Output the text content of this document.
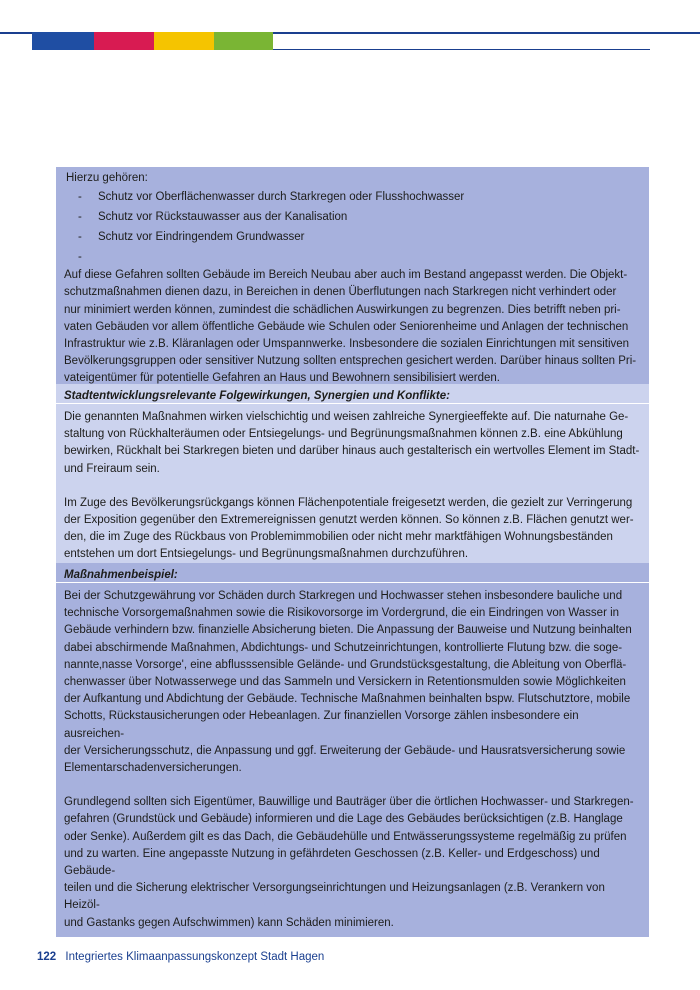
Hierzu gehören:
- Schutz vor Oberflächenwasser durch Starkregen oder Flusshochwasser
- Schutz vor Rückstauwasser aus der Kanalisation
- Schutz vor Eindringendem Grundwasser
-
Auf diese Gefahren sollten Gebäude im Bereich Neubau aber auch im Bestand angepasst werden. Die Objekt-
schutzmaßnahmen dienen dazu, in Bereichen in denen Überflutungen nach Starkregen nicht verhindert oder
nur minimiert werden können, zumindest die schädlichen Auswirkungen zu begrenzen. Dies betrifft neben pri-
vaten Gebäuden vor allem öffentliche Gebäude wie Schulen oder Seniorenheime und Anlagen der technischen
Infrastruktur wie z.B. Kläranlagen oder Umspannwerke. Insbesondere die sozialen Einrichtungen mit sensitiven
Bevölkerungsgruppen oder sensitiver Nutzung sollten entsprechen gesichert werden. Darüber hinaus sollten Pri-
vateigentümer für potentielle Gefahren an Haus und Bewohnern sensibilisiert werden.
Stadtentwicklungsrelevante Folgewirkungen, Synergien und Konflikte:
Die genannten Maßnahmen wirken vielschichtig und weisen zahlreiche Synergieeffekte auf. Die naturnahe Ge-
staltung von Rückhalteräumen oder Entsiegelungs- und Begrünungsmaßnahmen können z.B. eine Abkühlung
bewirken, Rückhalt bei Starkregen bieten und darüber hinaus auch gestalterisch ein wertvolles Element im Stadt-
und Freiraum sein.
Im Zuge des Bevölkerungsrückgangs können Flächenpotentiale freigesetzt werden, die gezielt zur Verringerung
der Exposition gegenüber den Extremereignissen genutzt werden können. So können z.B. Flächen genutzt wer-
den, die im Zuge des Rückbaus von Problemimmobilien oder nicht mehr marktfähigen Wohnungsbeständen
entstehen um dort Entsiegelungs- und Begrünungsmaßnahmen durchzuführen.
Maßnahmenbeispiel:
Bei der Schutzgewährung vor Schäden durch Starkregen und Hochwasser stehen insbesondere bauliche und
technische Vorsorgemaßnahmen sowie die Risikovorsorge im Vordergrund, die ein Eindringen von Wasser in
Gebäude verhindern bzw. finanzielle Absicherung bieten. Die Anpassung der Bauweise und Nutzung beinhalten
dabei abschirmende Maßnahmen, Abdichtungs- und Schutzeinrichtungen, kontrollierte Flutung bzw. die soge-
nannte‚nasse Vorsorge', eine abflusssensible Gelände- und Grundstücksgestaltung, die Ableitung von Oberflä-
chenwasser über Notwasserwege und das Sammeln und Versickern in Retentionsmulden sowie Möglichkeiten
der Aufkantung und Abdichtung der Gebäude. Technische Maßnahmen beinhalten bspw. Flutschutztore, mobile
Schotts, Rückstausicherungen oder Hebeanlagen. Zur finanziellen Vorsorge zählen insbesondere ein ausreichen-
der Versicherungsschutz, die Anpassung und ggf. Erweiterung der Gebäude- und Hausratsversicherung sowie
Elementarschadenversicherungen.
Grundlegend sollten sich Eigentümer, Bauwillige und Bauträger über die örtlichen Hochwasser- und Starkregen-
gefahren (Grundstück und Gebäude) informieren und die Lage des Gebäudes berücksichtigen (z.B. Hanglage
oder Senke). Außerdem gilt es das Dach, die Gebäudehülle und Entwässerungssysteme regelmäßig zu prüfen
und zu warten. Eine angepasste Nutzung in gefährdeten Geschossen (z.B. Keller- und Erdgeschoss) und Gebäude-
teilen und die Sicherung elektrischer Versorgungseinrichtungen und Heizungsanlagen (z.B. Verankern von Heizöl-
und Gastanks gegen Aufschwimmen) kann Schäden minimieren.
122 Integriertes Klimaanpassungskonzept Stadt Hagen
